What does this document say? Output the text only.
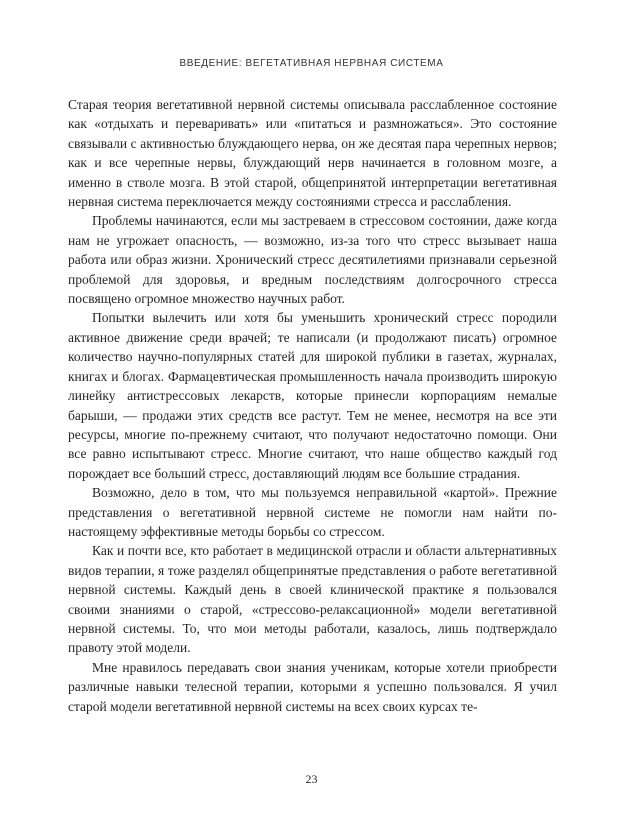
ВВЕДЕНИЕ: ВЕГЕТАТИВНАЯ НЕРВНАЯ СИСТЕМА

Старая теория вегетативной нервной системы описывала расслабленное состояние как «отдыхать и переваривать» или «питаться и размножаться». Это состояние связывали с активностью блуждающего нерва, он же десятая пара черепных нервов; как и все черепные нервы, блуждающий нерв начинается в головном мозге, а именно в стволе мозга. В этой старой, общепринятой интерпретации вегетативная нервная система переключается между состояниями стресса и расслабления.

Проблемы начинаются, если мы застреваем в стрессовом состоянии, даже когда нам не угрожает опасность, — возможно, из-за того что стресс вызывает наша работа или образ жизни. Хронический стресс десятилетиями признавали серьезной проблемой для здоровья, и вредным последствиям долгосрочного стресса посвящено огромное множество научных работ.

Попытки вылечить или хотя бы уменьшить хронический стресс породили активное движение среди врачей; те написали (и продолжают писать) огромное количество научно-популярных статей для широкой публики в газетах, журналах, книгах и блогах. Фармацевтическая промышленность начала производить широкую линейку антистрессовых лекарств, которые принесли корпорациям немалые барыши, — продажи этих средств все растут. Тем не менее, несмотря на все эти ресурсы, многие по-прежнему считают, что получают недостаточно помощи. Они все равно испытывают стресс. Многие считают, что наше общество каждый год порождает все больший стресс, доставляющий людям все большие страдания.

Возможно, дело в том, что мы пользуемся неправильной «картой». Прежние представления о вегетативной нервной системе не помогли нам найти по-настоящему эффективные методы борьбы со стрессом.

Как и почти все, кто работает в медицинской отрасли и области альтернативных видов терапии, я тоже разделял общепринятые представления о работе вегетативной нервной системы. Каждый день в своей клинической практике я пользовался своими знаниями о старой, «стрессово-релаксационной» модели вегетативной нервной системы. То, что мои методы работали, казалось, лишь подтверждало правоту этой модели.

Мне нравилось передавать свои знания ученикам, которые хотели приобрести различные навыки телесной терапии, которыми я успешно пользовался. Я учил старой модели вегетативной нервной системы на всех своих курсах те-

23
